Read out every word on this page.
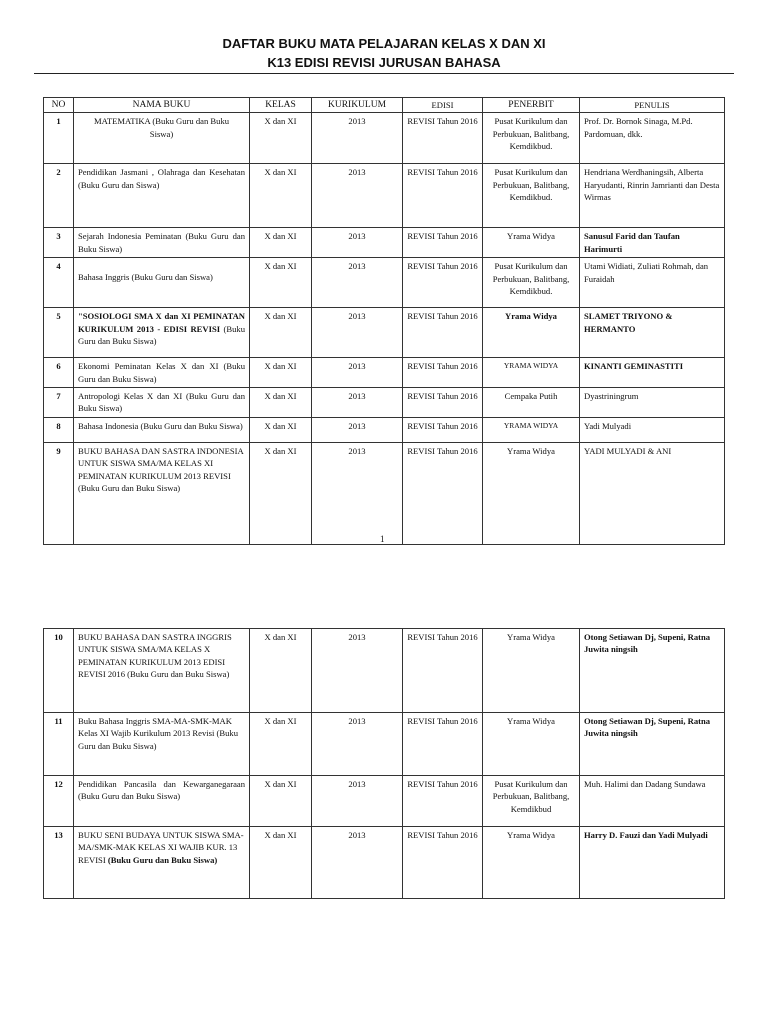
DAFTAR BUKU MATA PELAJARAN KELAS X DAN XI
K13 EDISI REVISI JURUSAN BAHASA
NO	NAMA BUKU	KELAS	KURIKULUM	EDISI	PENERBIT	PENULIS
1	MATEMATIKA (Buku Guru dan Buku Siswa)	X dan XI	2013	REVISI Tahun 2016	Pusat Kurikulum dan Perbukuan, Balitbang, Kemdikbud.	Prof. Dr. Bornok Sinaga, M.Pd. Pardomuan, dkk.
2	Pendidikan Jasmani , Olahraga dan Kesehatan (Buku Guru dan Siswa)	X dan XI	2013	REVISI Tahun 2016	Pusat Kurikulum dan Perbukuan, Balitbang, Kemdikbud.	Hendriana Werdhaningsih, Alberta Haryudanti, Rinrin Jamrianti dan Desta Wirmas
3	Sejarah Indonesia Peminatan (Buku Guru dan Buku Siswa)	X dan XI	2013	REVISI Tahun 2016	Yrama Widya	Sanusul Farid dan Taufan Harimurti
4	Bahasa Inggris (Buku Guru dan Siswa)	X dan XI	2013	REVISI Tahun 2016	Pusat Kurikulum dan Perbukuan, Balitbang, Kemdikbud.	Utami Widiati, Zuliati Rohmah, dan Furaidah
5	"SOSIOLOGI SMA X dan XI PEMINATAN KURIKULUM 2013 - EDISI REVISI (Buku Guru dan Buku Siswa)	X dan XI	2013	REVISI Tahun 2016	Yrama Widya	SLAMET TRIYONO & HERMANTO
6	Ekonomi Peminatan Kelas X dan XI (Buku Guru dan Buku Siswa)	X dan XI	2013	REVISI Tahun 2016	YRAMA WIDYA	KINANTI GEMINASTITI
7	Antropologi Kelas X dan XI (Buku Guru dan Buku Siswa)	X dan XI	2013	REVISI Tahun 2016	Cempaka Putih	Dyastriningrum
8	Bahasa Indonesia (Buku Guru dan Buku Siswa)	X dan XI	2013	REVISI Tahun 2016	YRAMA WIDYA	Yadi Mulyadi
9	BUKU BAHASA DAN SASTRA INDONESIA UNTUK SISWA SMA/MA KELAS XI PEMINATAN KURIKULUM 2013 REVISI (Buku Guru dan Buku Siswa)	X dan XI	2013	REVISI Tahun 2016	Yrama Widya	YADI MULYADI & ANI
1
10	BUKU BAHASA DAN SASTRA INGGRIS UNTUK SISWA SMA/MA KELAS X PEMINATAN KURIKULUM 2013 EDISI REVISI 2016 (Buku Guru dan Buku Siswa)	X dan XI	2013	REVISI Tahun 2016	Yrama Widya	Otong Setiawan Dj, Supeni, Ratna Juwita ningsih
11	Buku Bahasa Inggris SMA-MA-SMK-MAK Kelas XI Wajib Kurikulum 2013 Revisi (Buku Guru dan Buku Siswa)	X dan XI	2013	REVISI Tahun 2016	Yrama Widya	Otong Setiawan Dj, Supeni, Ratna Juwita ningsih
12	Pendidikan Pancasila dan Kewarganegaraan (Buku Guru dan Buku Siswa)	X dan XI	2013	REVISI Tahun 2016	Pusat Kurikulum dan Perbukuan, Balitbang, Kemdikbud	Muh. Halimi dan Dadang Sundawa
13	BUKU SENI BUDAYA UNTUK SISWA SMA-MA/SMK-MAK KELAS XI WAJIB KUR. 13 REVISI (Buku Guru dan Buku Siswa)	X dan XI	2013	REVISI Tahun 2016	Yrama Widya	Harry D. Fauzi dan Yadi Mulyadi
